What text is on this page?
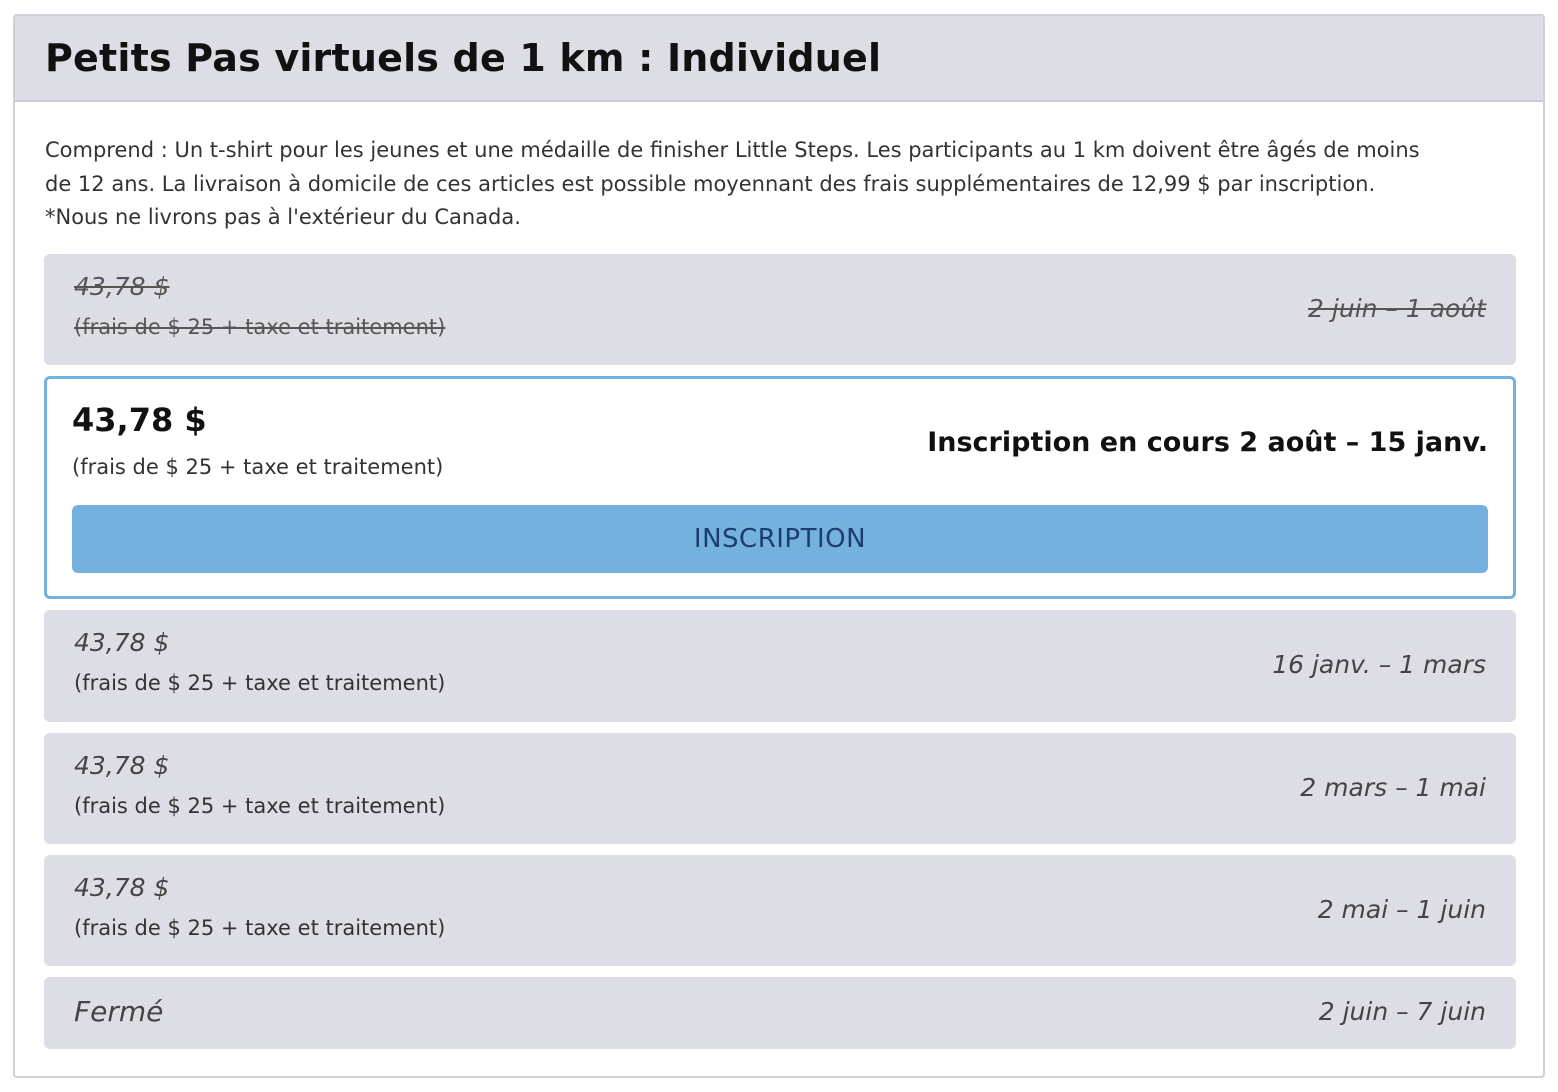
Petits Pas virtuels de 1 km : Individuel

Comprend : Un t-shirt pour les jeunes et une médaille de finisher Little Steps. Les participants au 1 km doivent être âgés de moins

de 12 ans. La livraison à domicile de ces articles est possible moyennant des frais supplémentaires de 12,99 $ par inscription.

*Nous ne livrons pas à l'extérieur du Canada.

43,78 $
(frais de $ 25 + taxe et traitement)
2 juin – 1 août
43,78 $
(frais de $ 25 + taxe et traitement)
Inscription en cours 2 août – 15 janv.
INSCRIPTION
43,78 $
(frais de $ 25 + taxe et traitement)
16 janv. – 1 mars
43,78 $
(frais de $ 25 + taxe et traitement)
2 mars – 1 mai
43,78 $
(frais de $ 25 + taxe et traitement)
2 mai – 1 juin
Fermé	2 juin – 7 juin
